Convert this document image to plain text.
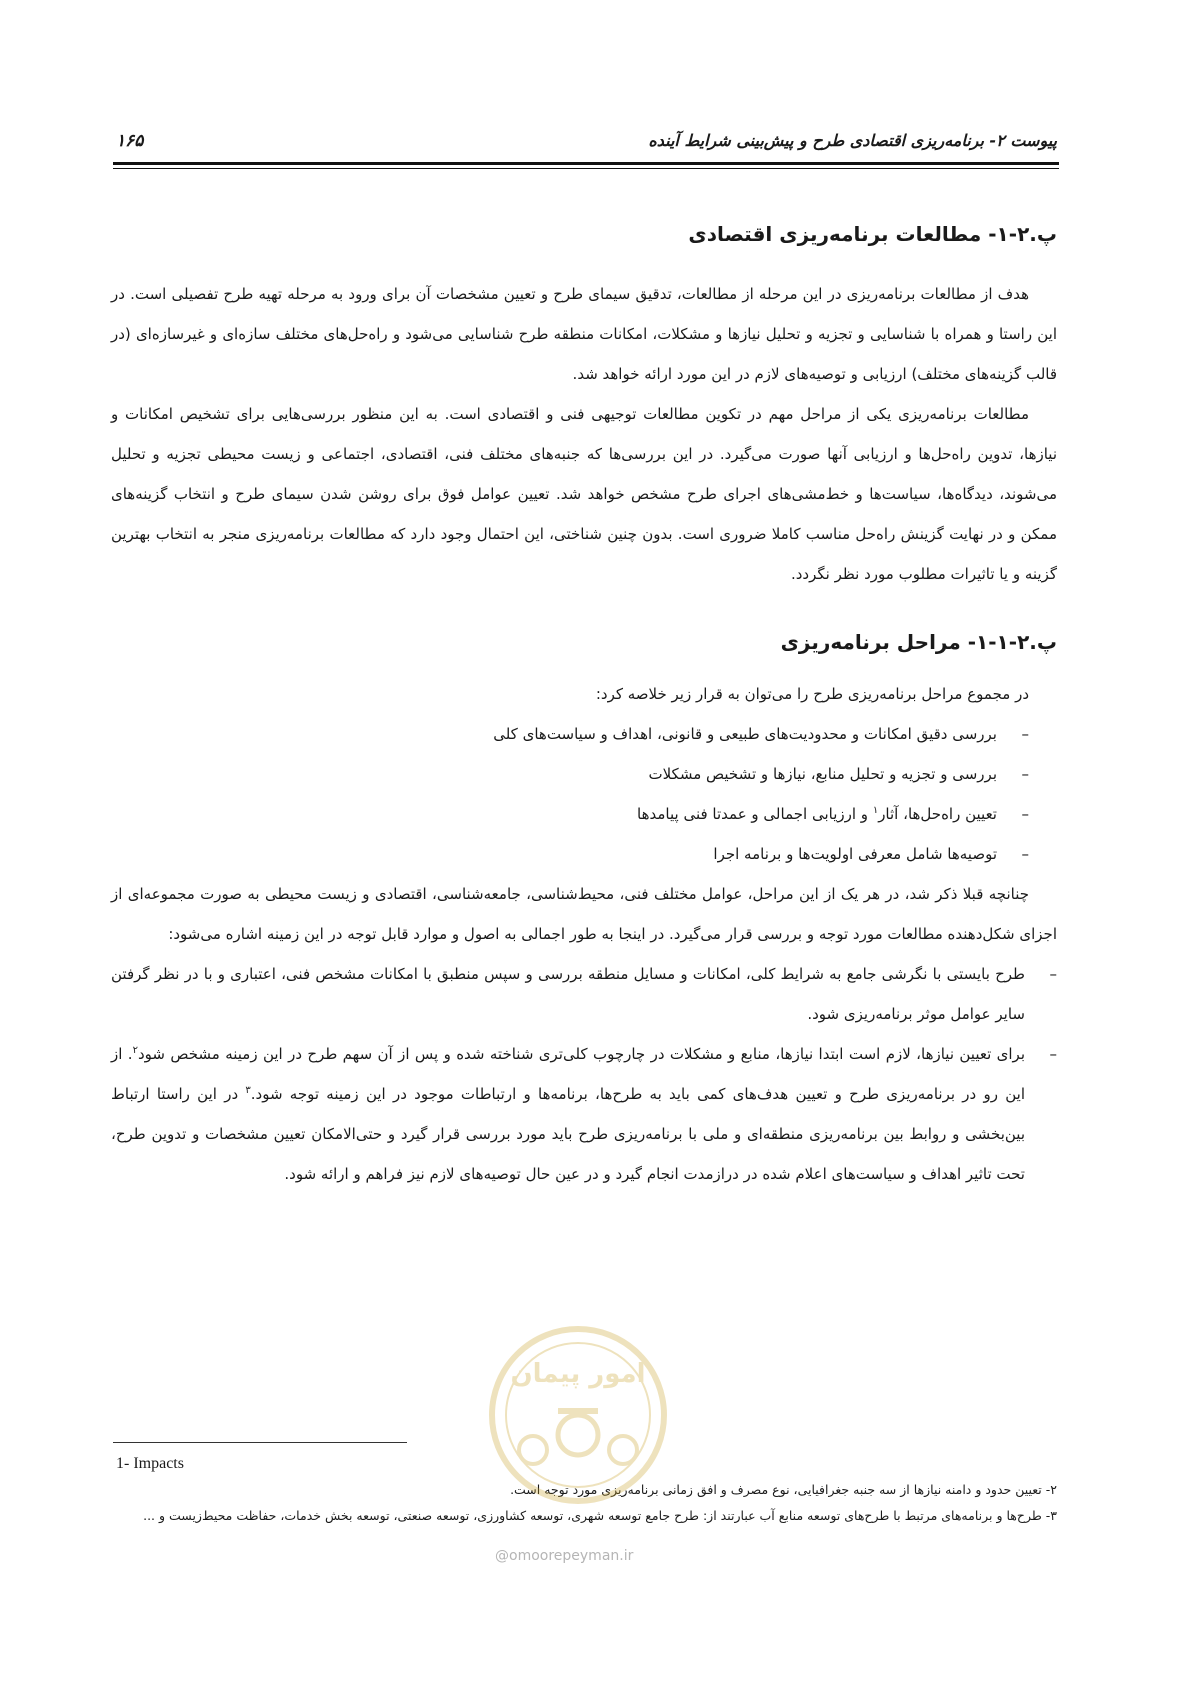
پیوست ۲- برنامه‌ریزی اقتصادی طرح و پیش‌بینی شرایط آینده
۱۶۵
پ.۲-۱- مطالعات برنامه‌ریزی اقتصادی

هدف از مطالعات برنامه‌ریزی در این مرحله از مطالعات، تدقیق سیمای طرح و تعیین مشخصات آن برای ورود به مرحله تهیه طرح تفصیلی است. در این راستا و همراه با شناسایی و تجزیه و تحلیل نیازها و مشکلات، امکانات منطقه طرح شناسایی می‌شود و راه‌حل‌های مختلف سازه‌ای و غیرسازه‌ای (در قالب گزینه‌های مختلف) ارزیابی و توصیه‌های لازم در این مورد ارائه خواهد شد.

مطالعات برنامه‌ریزی یکی از مراحل مهم در تکوین مطالعات توجیهی فنی و اقتصادی است. به این منظور بررسی‌هایی برای تشخیص امکانات و نیازها، تدوین راه‌حل‌ها و ارزیابی آنها صورت می‌گیرد. در این بررسی‌ها که جنبه‌های مختلف فنی، اقتصادی، اجتماعی و زیست محیطی تجزیه و تحلیل می‌شوند، دیدگاه‌ها، سیاست‌ها و خط‌مشی‌های اجرای طرح مشخص خواهد شد. تعیین عوامل فوق برای روشن شدن سیمای طرح و انتخاب گزینه‌های ممکن و در نهایت گزینش راه‌حل مناسب کاملا ضروری است. بدون چنین شناختی، این احتمال وجود دارد که مطالعات برنامه‌ریزی منجر به انتخاب بهترین گزینه و یا تاثیرات مطلوب مورد نظر نگردد.

پ.۲-۱-۱- مراحل برنامه‌ریزی

در مجموع مراحل برنامه‌ریزی طرح را می‌توان به قرار زیر خلاصه کرد:

–بررسی دقیق امکانات و محدودیت‌های طبیعی و قانونی، اهداف و سیاست‌های کلی
–بررسی و تجزیه و تحلیل منابع، نیازها و تشخیص مشکلات
–تعیین راه‌حل‌ها، آثار$^۱$ و ارزیابی اجمالی و عمدتا فنی پیامدها
–توصیه‌ها شامل معرفی اولویت‌ها و برنامه اجرا

چنانچه قبلا ذکر شد، در هر یک از این مراحل، عوامل مختلف فنی، محیط‌شناسی، جامعه‌شناسی، اقتصادی و زیست محیطی به صورت مجموعه‌ای از اجزای شکل‌دهنده مطالعات مورد توجه و بررسی قرار می‌گیرد. در اینجا به طور اجمالی به اصول و موارد قابل توجه در این زمینه اشاره می‌شود:

–
طرح بایستی با نگرشی جامع به شرایط کلی، امکانات و مسایل منطقه بررسی و سپس منطبق با امکانات مشخص فنی، اعتباری و با در نظر گرفتن سایر عوامل موثر برنامه‌ریزی شود.
–
برای تعیین نیازها، لازم است ابتدا نیازها، منابع و مشکلات در چارچوب کلی‌تری شناخته شده و پس از آن سهم طرح در این زمینه مشخص شود$^۲$. از این رو در برنامه‌ریزی طرح و تعیین هدف‌های کمی باید به طرح‌ها، برنامه‌ها و ارتباطات موجود در این زمینه توجه شود.$^۳$ در این راستا ارتباط بین‌بخشی و روابط بین برنامه‌ریزی منطقه‌ای و ملی با برنامه‌ریزی طرح باید مورد بررسی قرار گیرد و حتی‌الامکان تعیین مشخصات و تدوین طرح، تحت تاثیر اهداف و سیاست‌های اعلام شده در درازمدت انجام گیرد و در عین حال توصیه‌های لازم نیز فراهم و ارائه شود.
1- Impacts
۲- تعیین حدود و دامنه نیازها از سه جنبه جغرافیایی، نوع مصرف و افق زمانی برنامه‌ریزی مورد توجه است.
۳- طرح‌ها و برنامه‌های مرتبط با طرح‌های توسعه منابع آب عبارتند از: طرح جامع توسعه شهری، توسعه کشاورزی، توسعه صنعتی، توسعه بخش خدمات، حفاظت محیط‌زیست و ...
امور پیمان
@omoorepeyman.ir
